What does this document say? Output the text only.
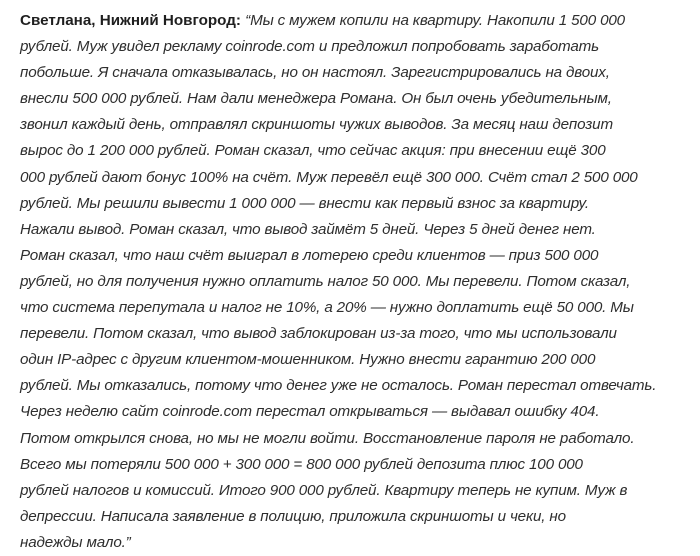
Светлана, Нижний Новгород: “Мы с мужем копили на квартиру. Накопили 1 500 000
рублей. Муж увидел рекламу coinrode.com и предложил попробовать заработать
побольше. Я сначала отказывалась, но он настоял. Зарегистрировались на двоих,
внесли 500 000 рублей. Нам дали менеджера Романа. Он был очень убедительным,
звонил каждый день, отправлял скриншоты чужих выводов. За месяц наш депозит
вырос до 1 200 000 рублей. Роман сказал, что сейчас акция: при внесении ещё 300
000 рублей дают бонус 100% на счёт. Муж перевёл ещё 300 000. Счёт стал 2 500 000
рублей. Мы решили вывести 1 000 000 — внести как первый взнос за квартиру.
Нажали вывод. Роман сказал, что вывод займёт 5 дней. Через 5 дней денег нет.
Роман сказал, что наш счёт выиграл в лотерею среди клиентов — приз 500 000
рублей, но для получения нужно оплатить налог 50 000. Мы перевели. Потом сказал,
что система перепутала и налог не 10%, а 20% — нужно доплатить ещё 50 000. Мы
перевели. Потом сказал, что вывод заблокирован из-за того, что мы использовали
один IP-адрес с другим клиентом-мошенником. Нужно внести гарантию 200 000
рублей. Мы отказались, потому что денег уже не осталось. Роман перестал отвечать.
Через неделю сайт coinrode.com перестал открываться — выдавал ошибку 404.
Потом открылся снова, но мы не могли войти. Восстановление пароля не работало.
Всего мы потеряли 500 000 + 300 000 = 800 000 рублей депозита плюс 100 000
рублей налогов и комиссий. Итого 900 000 рублей. Квартиру теперь не купим. Муж в
депрессии. Написала заявление в полицию, приложила скриншоты и чеки, но
надежды мало.”
